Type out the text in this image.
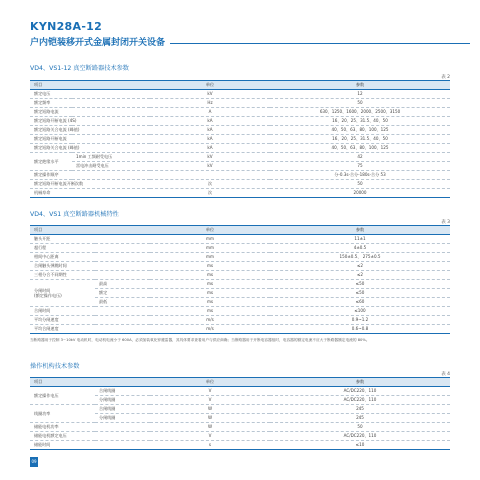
KYN28A-12
户内铠装移开式金属封闭开关设备
VD4、VS1-12 真空断路器技术参数
表 2
项目		单位	参数
额定电压		kV	12
额定频率		Hz	50
额定短路电流		A	630、1250、1600、2000、2500、3150
额定短路开断电流 (4S)		kA	16、20、25、31.5、40、50
额定短路关合电流 (峰值)		kA	40、50、63、80、100、125
额定短路开断电流		kA	16、20、25、31.5、40、50
额定短路关合电流 (峰值)		kA	40、50、63、80、100、125
额定绝缘水平	1min 工频耐受电压	kV	42
	雷电冲击耐受电压	kV	75
额定操作顺序			分-0.3s-合分-180s-合分 53
额定短路开断电流开断次数		次	50
机械寿命		次	20000
VD4、VS1 真空断路器机械特性
表 3
项目		单位	参数
触头开距		mm	11±1
超行程		mm	4±0.5
相间中心距离		mm	150±0.5、 275±0.5
合闸触头弹跳时间		ms	≤2
三相分合不同期性		ms	≤2
分闸时间
(额定操作电压)	最高	ms	≤50
	额定	ms	≤50
	最低	ms	≤60
合闸时间		ms	≤100
平均分闸速度		m/s	0.9~1.2
平均合闸速度		m/s	0.6~0.8
当断路器用于控制 3~10kV 电动机时，电动机电流小于 600A，必须加装氧化锌避雷器，其具体要求查看用户与供应商确；当断路器用于开断电容器组时，电容器的额定电流不应大于断路器额定电流的 80%。
操作机构技术参数
表 4
项目		单位	参数
额定操作电压	合闸线圈	V	AC/DC220、110
	分闸线圈	V	AC/DC220、110
线圈功率	合闸线圈	W	245
	分闸线圈	W	245
储能电机功率		W	50
储能电机额定电压		V	AC/DC220、110
储能时间		s	≤10
09
